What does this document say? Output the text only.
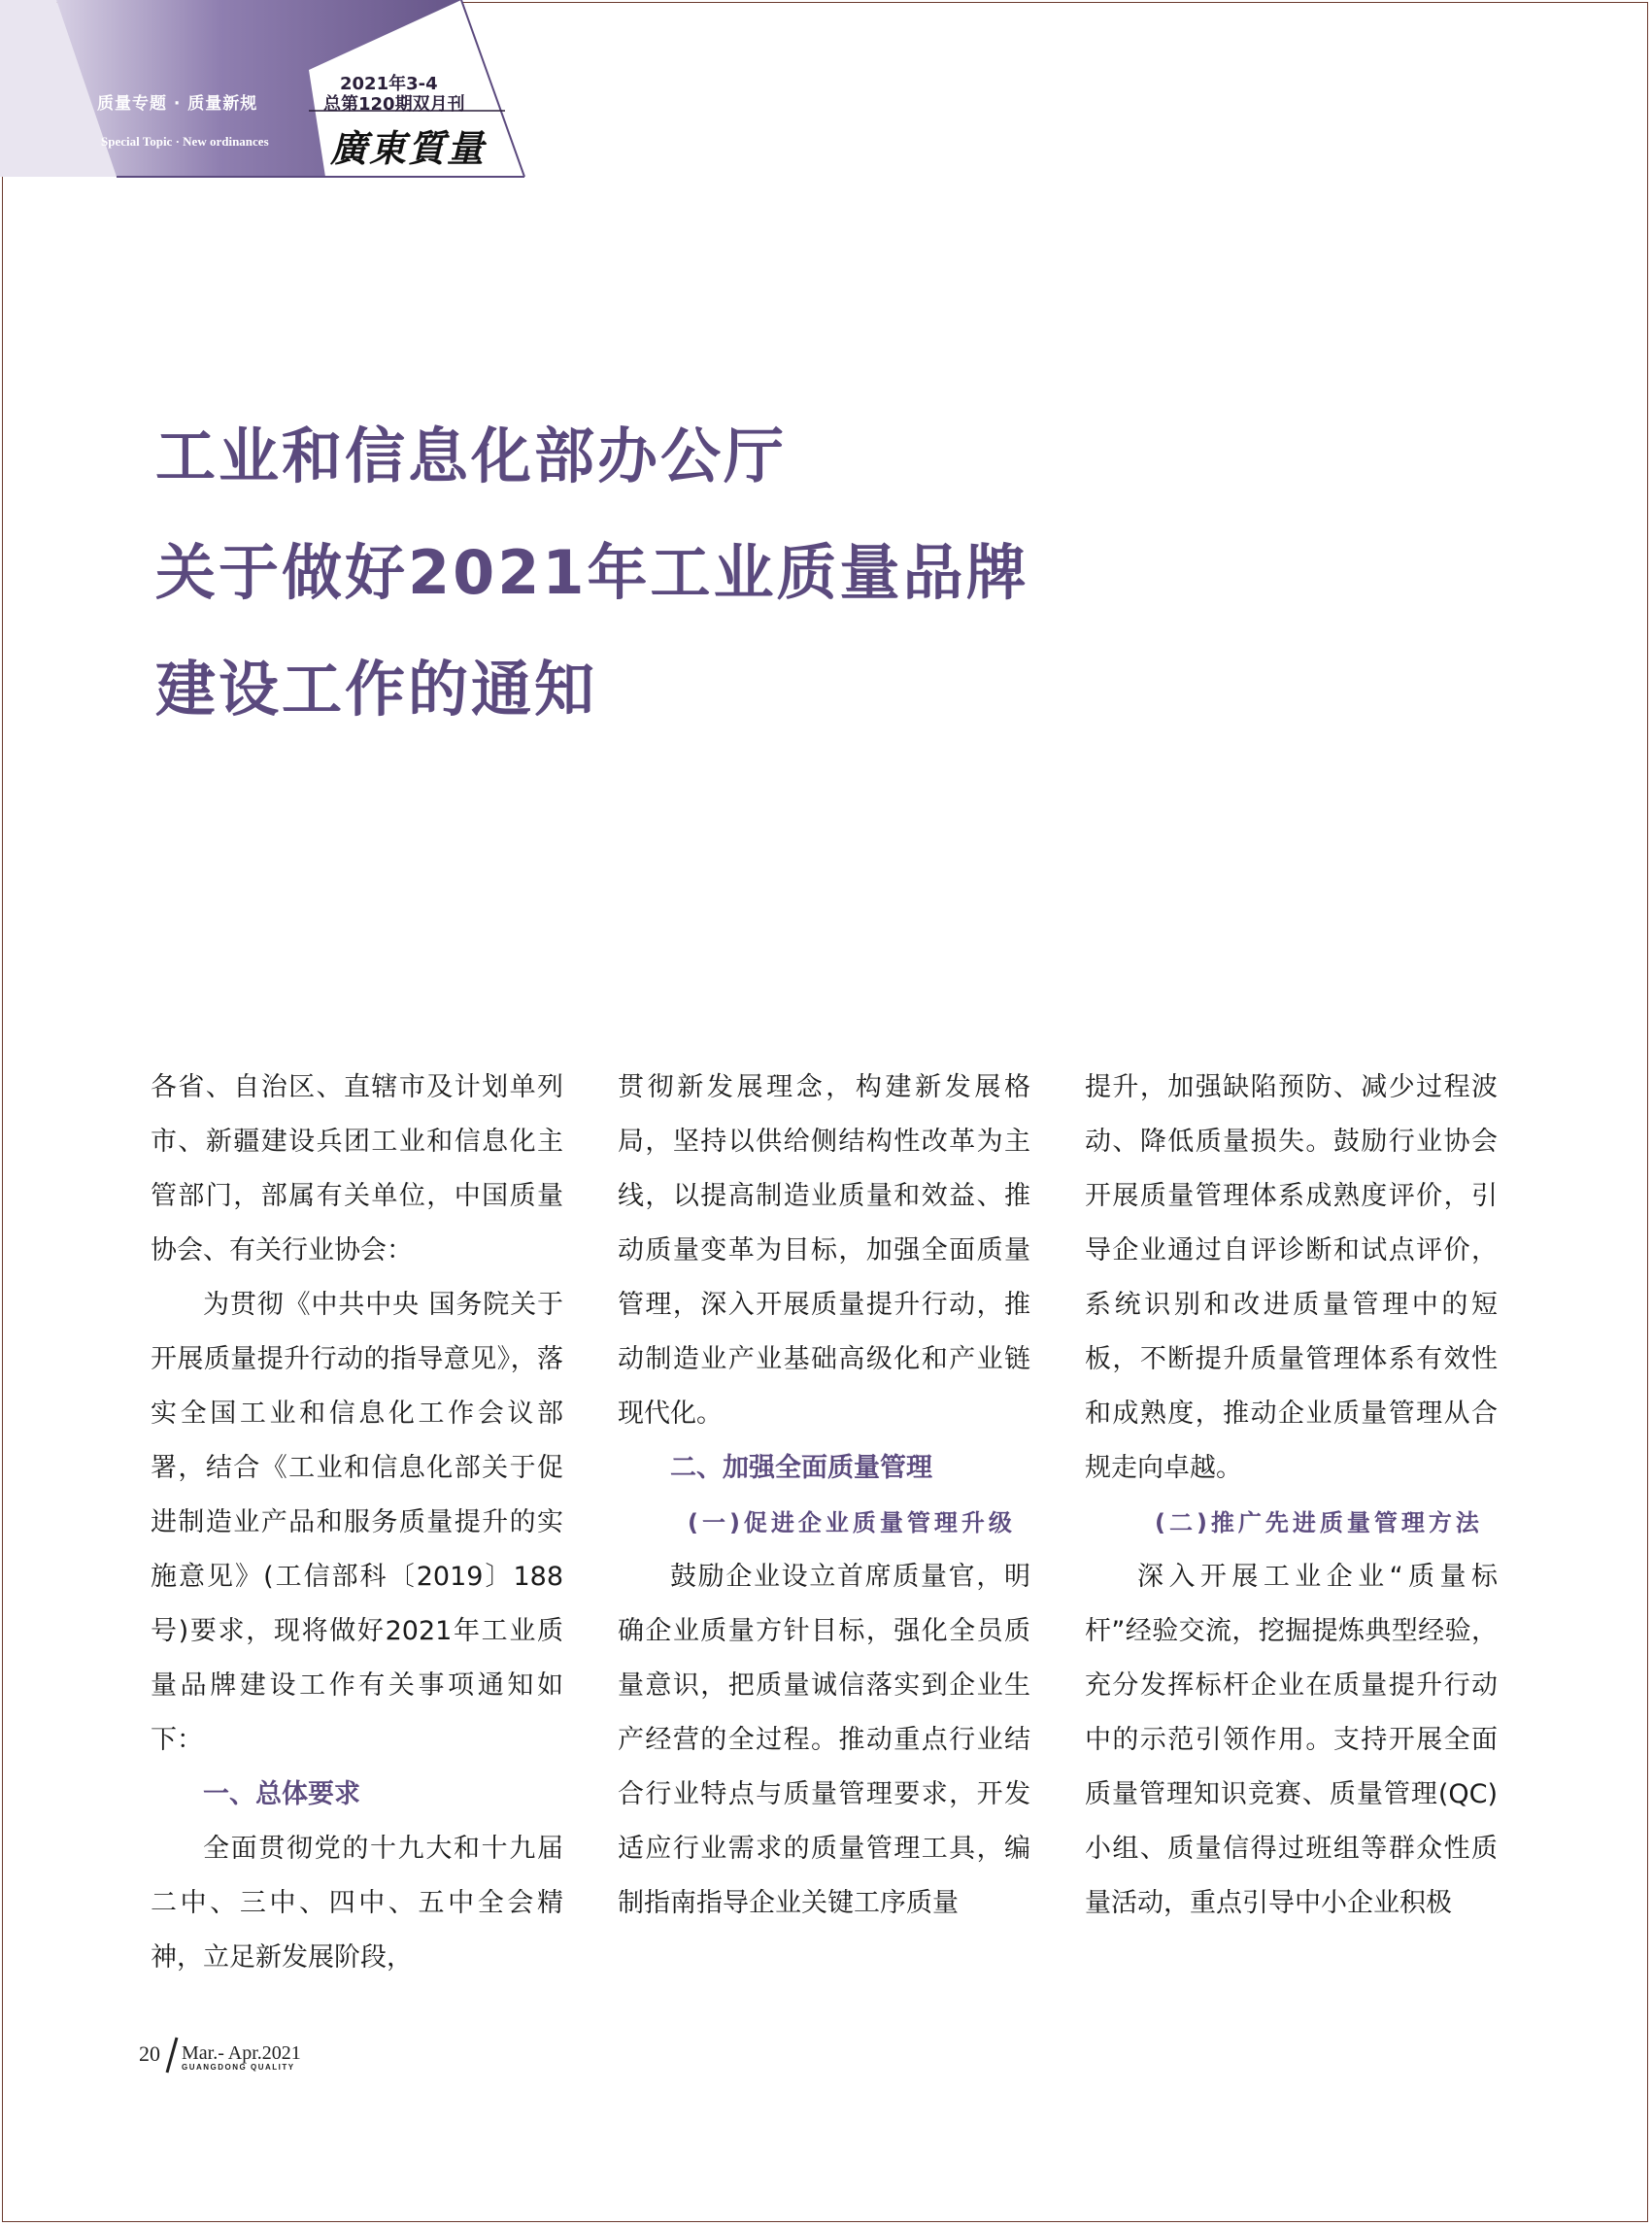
质量专题 · 质量新规
Special Topic · New ordinances
2021年3-4
总第120期双月刊
廣東質量
工业和信息化部办公厅
关于做好2021年工业质量品牌
建设工作的通知

各省、自治区、直辖市及计划单列市、新疆建设兵团工业和信息化主管部门，部属有关单位，中国质量协会、有关行业协会：

为贯彻《中共中央 国务院关于开展质量提升行动的指导意见》，落实全国工业和信息化工作会议部署，结合《工业和信息化部关于促进制造业产品和服务质量提升的实施意见》(工信部科〔2019〕188号)要求，现将做好2021年工业质量品牌建设工作有关事项通知如下：

一、总体要求

全面贯彻党的十九大和十九届二中、三中、四中、五中全会精神，立足新发展阶段，

贯彻新发展理念，构建新发展格局，坚持以供给侧结构性改革为主线，以提高制造业质量和效益、推动质量变革为目标，加强全面质量管理，深入开展质量提升行动，推动制造业产业基础高级化和产业链现代化。

二、加强全面质量管理
(一)促进企业质量管理升级

鼓励企业设立首席质量官，明确企业质量方针目标，强化全员质量意识，把质量诚信落实到企业生产经营的全过程。推动重点行业结合行业特点与质量管理要求，开发适应行业需求的质量管理工具，编制指南指导企业关键工序质量

提升，加强缺陷预防、减少过程波动、降低质量损失。鼓励行业协会开展质量管理体系成熟度评价，引导企业通过自评诊断和试点评价，系统识别和改进质量管理中的短板，不断提升质量管理体系有效性和成熟度，推动企业质量管理从合规走向卓越。

(二)推广先进质量管理方法

深入开展工业企业“质量标杆”经验交流，挖掘提炼典型经验，充分发挥标杆企业在质量提升行动中的示范引领作用。支持开展全面质量管理知识竞赛、质量管理(QC)小组、质量信得过班组等群众性质量活动，重点引导中小企业积极

20 Mar.- Apr.2021
GUANGDONG QUALITY
